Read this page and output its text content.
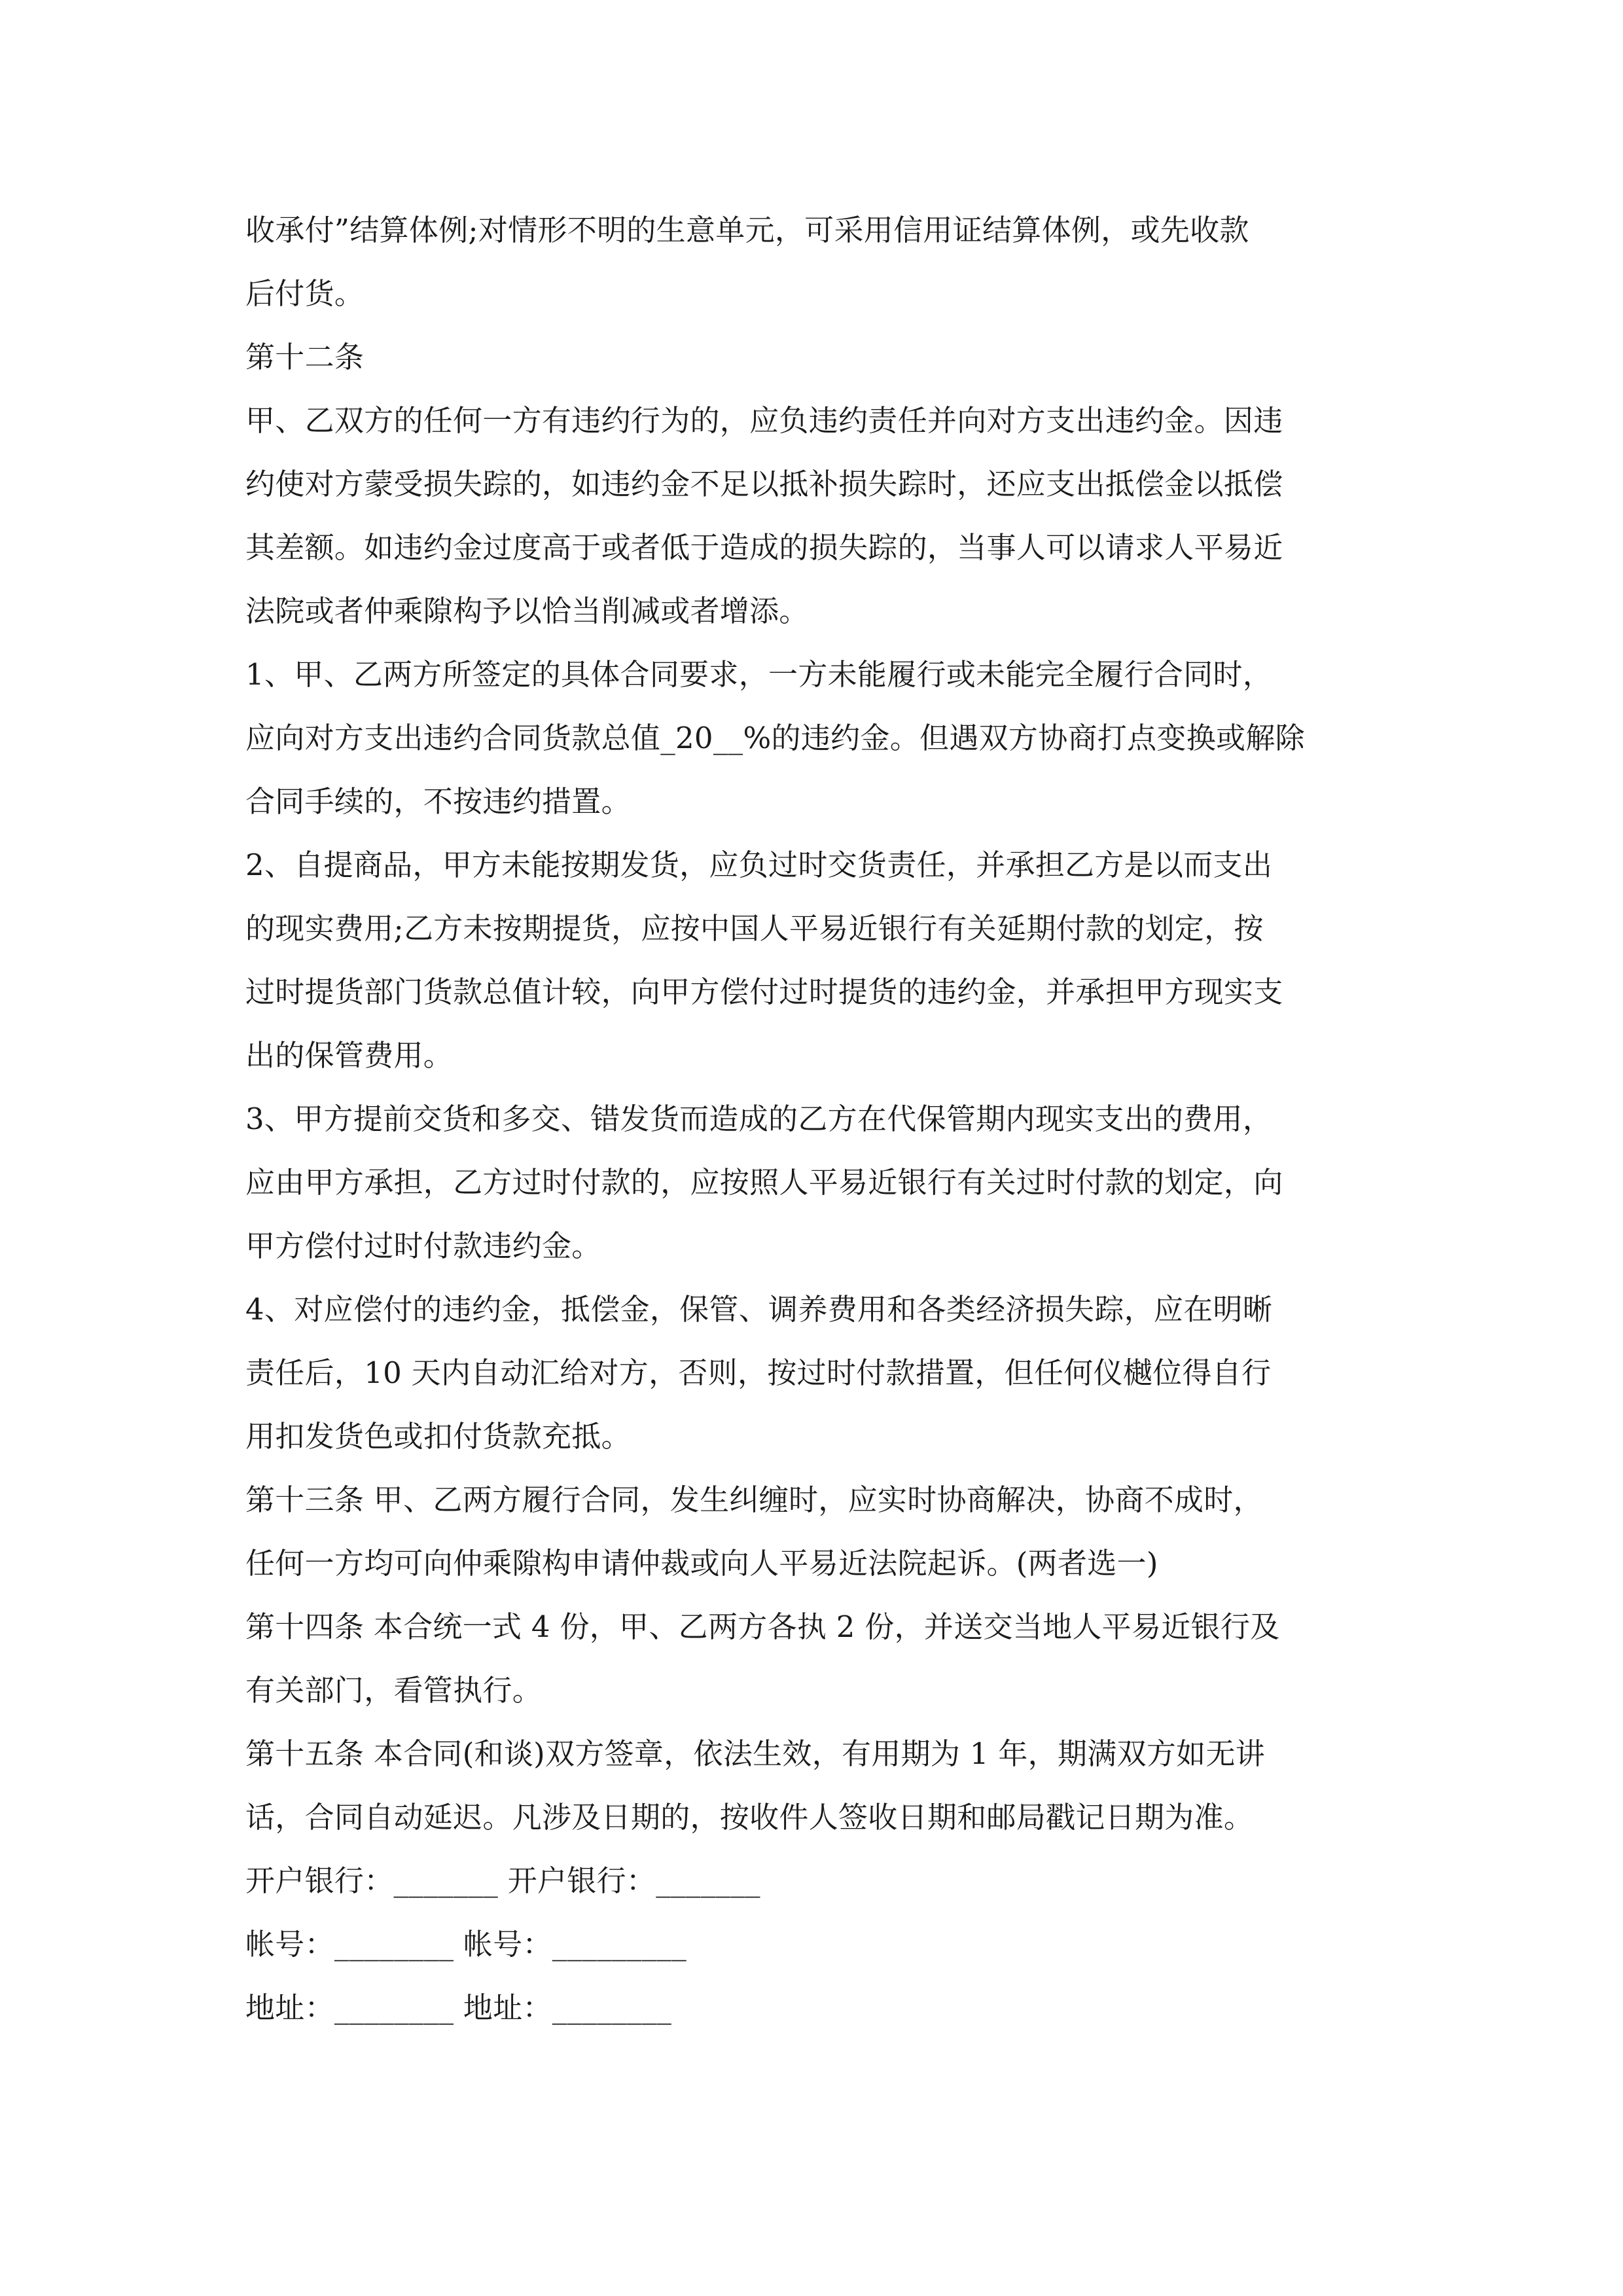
收承付”结算体例;对情形不明的生意单元，可采用信用证结算体例，或先收款
后付货。
第十二条
甲、乙双方的任何一方有违约行为的，应负违约责任并向对方支出违约金。因违
约使对方蒙受损失踪的，如违约金不足以抵补损失踪时，还应支出抵偿金以抵偿
其差额。如违约金过度高于或者低于造成的损失踪的，当事人可以请求人平易近
法院或者仲乘隙构予以恰当削减或者增添。
1、甲、乙两方所签定的具体合同要求，一方未能履行或未能完全履行合同时，
应向对方支出违约合同货款总值_20__%的违约金。但遇双方协商打点变换或解除
合同手续的，不按违约措置。
2、自提商品，甲方未能按期发货，应负过时交货责任，并承担乙方是以而支出
的现实费用;乙方未按期提货，应按中国人平易近银行有关延期付款的划定，按
过时提货部门货款总值计较，向甲方偿付过时提货的违约金，并承担甲方现实支
出的保管费用。
3、甲方提前交货和多交、错发货而造成的乙方在代保管期内现实支出的费用，
应由甲方承担，乙方过时付款的，应按照人平易近银行有关过时付款的划定，向
甲方偿付过时付款违约金。
4、对应偿付的违约金，抵偿金，保管、调养费用和各类经济损失踪，应在明晰
责任后，10 天内自动汇给对方，否则，按过时付款措置，但任何仪樾位得自行
用扣发货色或扣付货款充抵。
第十三条 甲、乙两方履行合同，发生纠缠时，应实时协商解决，协商不成时，
任何一方均可向仲乘隙构申请仲裁或向人平易近法院起诉。(两者选一)
第十四条 本合统一式 4 份，甲、乙两方各执 2 份，并送交当地人平易近银行及
有关部门，看管执行。
第十五条 本合同(和谈)双方签章，依法生效，有用期为 1 年，期满双方如无讲
话，合同自动延迟。凡涉及日期的，按收件人签收日期和邮局戳记日期为准。
开户银行：_______ 开户银行：_______
帐号：________ 帐号：_________
地址：________ 地址：________
